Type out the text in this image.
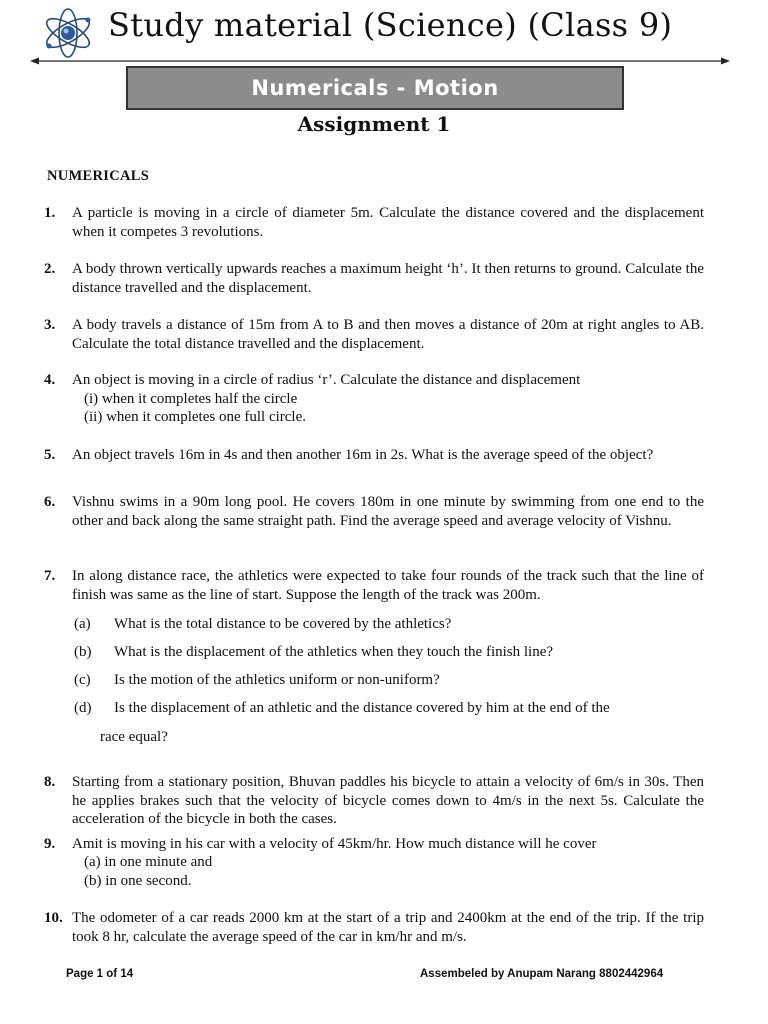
Study material (Science) (Class 9)
Numericals - Motion
Assignment 1
NUMERICALS
1. A particle is moving in a circle of diameter 5m. Calculate the distance covered and the displacement when it competes 3 revolutions.
2. A body thrown vertically upwards reaches a maximum height ‘h’. It then returns to ground. Calculate the distance travelled and the displacement.
3. A body travels a distance of 15m from A to B and then moves a distance of 20m at right angles to AB. Calculate the total distance travelled and the displacement.
4. An object is moving in a circle of radius ‘r’. Calculate the distance and displacement
(i) when it completes half the circle
(ii) when it completes one full circle.
5. An object travels 16m in 4s and then another 16m in 2s. What is the average speed of the object?
6. Vishnu swims in a 90m long pool. He covers 180m in one minute by swimming from one end to the other and back along the same straight path. Find the average speed and average velocity of Vishnu.
7. In along distance race, the athletics were expected to take four rounds of the track such that the line of finish was same as the line of start. Suppose the length of the track was 200m.
(a) What is the total distance to be covered by the athletics?
(b) What is the displacement of the athletics when they touch the finish line?
(c) Is the motion of the athletics uniform or non-uniform?
(d) Is the displacement of an athletic and the distance covered by him at the end of the
race equal?
8. Starting from a stationary position, Bhuvan paddles his bicycle to attain a velocity of 6m/s in 30s. Then he applies brakes such that the velocity of bicycle comes down to 4m/s in the next 5s. Calculate the acceleration of the bicycle in both the cases.
9. Amit is moving in his car with a velocity of 45km/hr. How much distance will he cover
(a) in one minute and
(b) in one second.
10. The odometer of a car reads 2000 km at the start of a trip and 2400km at the end of the trip. If the trip took 8 hr, calculate the average speed of the car in km/hr and m/s.
Page 1 of 14	Assembeled by Anupam Narang 8802442964
